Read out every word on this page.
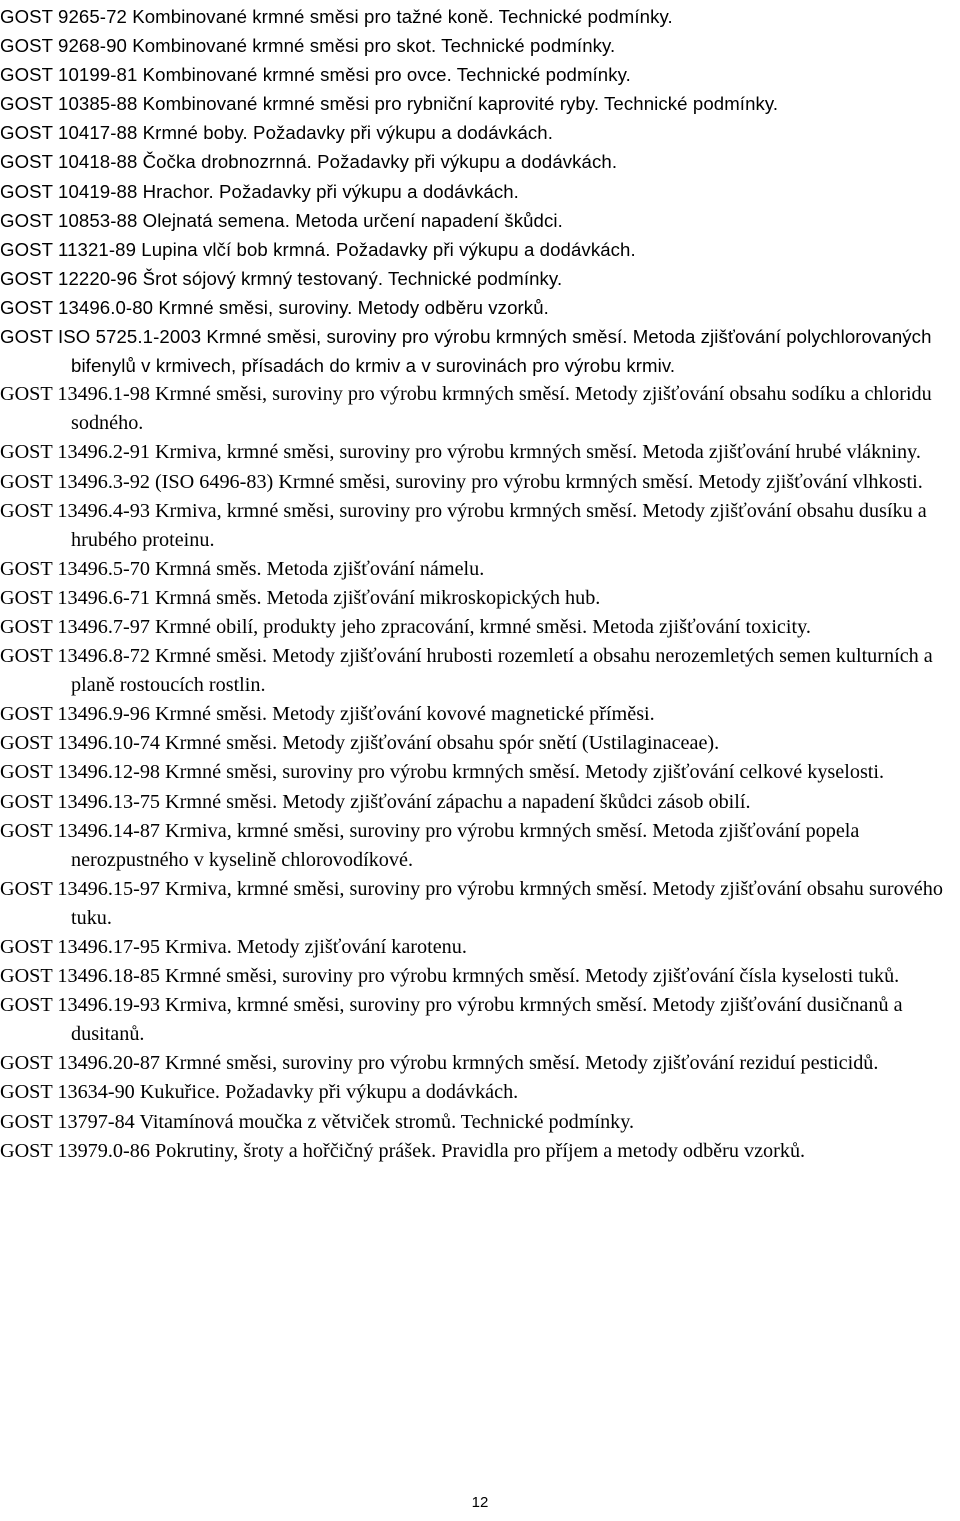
GOST 9265-72 Kombinované krmné směsi pro tažné koně. Technické podmínky.
GOST 9268-90 Kombinované krmné směsi pro skot. Technické podmínky.
GOST 10199-81 Kombinované krmné směsi pro ovce. Technické podmínky.
GOST 10385-88 Kombinované krmné směsi pro rybniční kaprovité ryby. Technické podmínky.
GOST 10417-88 Krmné boby. Požadavky při výkupu a dodávkách.
GOST 10418-88 Čočka drobnozrnná. Požadavky při výkupu a dodávkách.
GOST 10419-88 Hrachor. Požadavky při výkupu a dodávkách.
GOST 10853-88 Olejnatá semena. Metoda určení napadení škůdci.
GOST 11321-89 Lupina vlčí bob krmná. Požadavky při výkupu a dodávkách.
GOST 12220-96 Šrot sójový krmný testovaný. Technické podmínky.
GOST 13496.0-80 Krmné směsi, suroviny. Metody odběru vzorků.
GOST ISO 5725.1-2003 Krmné směsi, suroviny pro výrobu krmných směsí. Metoda zjišťování polychlorovaných bifenylů v krmivech, přísadách do krmiv a v surovinách pro výrobu krmiv.
GOST 13496.1-98 Krmné směsi, suroviny pro výrobu krmných směsí. Metody zjišťování obsahu sodíku a chloridu sodného.
GOST 13496.2-91 Krmiva, krmné směsi, suroviny pro výrobu krmných směsí. Metoda zjišťování hrubé vlákniny.
GOST 13496.3-92 (ISO 6496-83) Krmné směsi, suroviny pro výrobu krmných směsí. Metody zjišťování vlhkosti.
GOST 13496.4-93 Krmiva, krmné směsi, suroviny pro výrobu krmných směsí. Metody zjišťování obsahu dusíku a hrubého proteinu.
GOST 13496.5-70 Krmná směs. Metoda zjišťování námelu.
GOST 13496.6-71 Krmná směs. Metoda zjišťování mikroskopických hub.
GOST 13496.7-97 Krmné obilí, produkty jeho zpracování, krmné směsi. Metoda zjišťování toxicity.
GOST 13496.8-72 Krmné směsi. Metody zjišťování hrubosti rozemletí a obsahu nerozemletých semen kulturních a planě rostoucích rostlin.
GOST 13496.9-96 Krmné směsi. Metody zjišťování kovové magnetické příměsi.
GOST 13496.10-74 Krmné směsi. Metody zjišťování obsahu spór snětí (Ustilaginaceae).
GOST 13496.12-98 Krmné směsi, suroviny pro výrobu krmných směsí. Metody zjišťování celkové kyselosti.
GOST 13496.13-75 Krmné směsi. Metody zjišťování zápachu a napadení škůdci zásob obilí.
GOST 13496.14-87 Krmiva, krmné směsi, suroviny pro výrobu krmných směsí. Metoda zjišťování popela nerozpustného v kyselině chlorovodíkové.
GOST 13496.15-97 Krmiva, krmné směsi, suroviny pro výrobu krmných směsí. Metody zjišťování obsahu surového tuku.
GOST 13496.17-95 Krmiva. Metody zjišťování karotenu.
GOST 13496.18-85 Krmné směsi, suroviny pro výrobu krmných směsí. Metody zjišťování čísla kyselosti tuků.
GOST 13496.19-93 Krmiva, krmné směsi, suroviny pro výrobu krmných směsí. Metody zjišťování dusičnanů a dusitanů.
GOST 13496.20-87 Krmné směsi, suroviny pro výrobu krmných směsí. Metody zjišťování reziduí pesticidů.
GOST 13634-90 Kukuřice. Požadavky při výkupu a dodávkách.
GOST 13797-84 Vitamínová moučka z větviček stromů. Technické podmínky.
GOST 13979.0-86 Pokrutiny, šroty a hořčičný prášek. Pravidla pro příjem a metody odběru vzorků.
12
